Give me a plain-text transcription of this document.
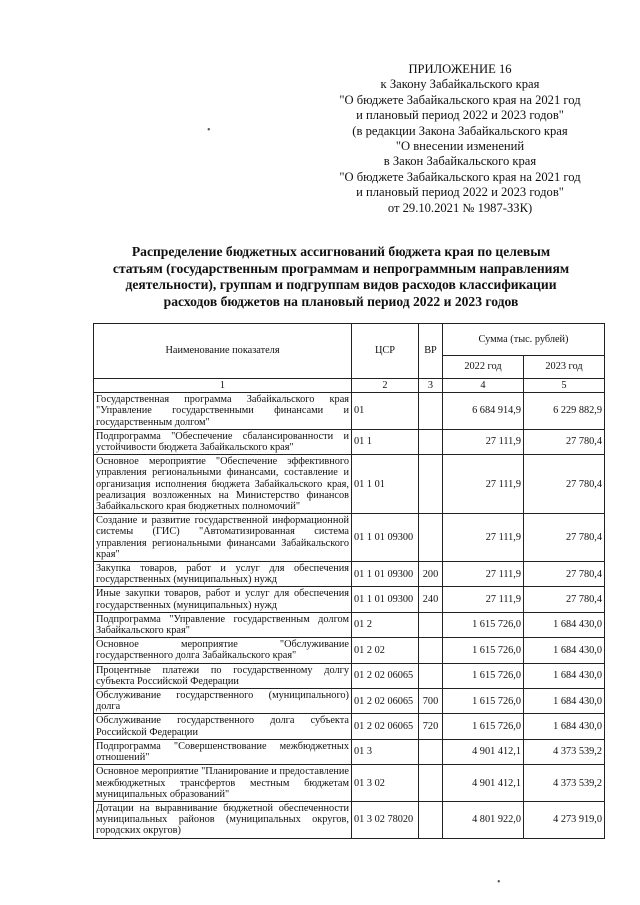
ПРИЛОЖЕНИЕ 16
к Закону Забайкальского края
"О бюджете Забайкальского края на 2021 год
и плановый период 2022 и 2023 годов"
(в редакции Закона Забайкальского края
"О внесении изменений
в Закон Забайкальского края
"О бюджете Забайкальского края на 2021 год
и плановый период 2022 и 2023 годов"
от 29.10.2021 № 1987-ЗЗК)
Распределение бюджетных ассигнований бюджета края по целевым
статьям (государственным программам и непрограммным направлениям
деятельности), группам и подгруппам видов расходов классификации
расходов бюджетов на плановый период 2022 и 2023 годов
Наименование показателя	ЦСР	ВР	Сумма (тыс. рублей)	
			2022 год	2023 год
1	2	3	4	5
Государственная программа Забайкальского края "Управление государственными финансами и государственным долгом"	01		6 684 914,9	6 229 882,9
Подпрограмма "Обеспечение сбалансированности и устойчивости бюджета Забайкальского края"	01 1		27 111,9	27 780,4
Основное мероприятие "Обеспечение эффективного управления региональными финансами, составление и организация исполнения бюджета Забайкальского края, реализация возложенных на Министерство финансов Забайкальского края бюджетных полномочий"	01 1 01		27 111,9	27 780,4
Создание и развитие государственной информационной системы (ГИС) "Автоматизированная система управления региональными финансами Забайкальского края"	01 1 01 09300		27 111,9	27 780,4
Закупка товаров, работ и услуг для обеспечения государственных (муниципальных) нужд	01 1 01 09300	200	27 111,9	27 780,4
Иные закупки товаров, работ и услуг для обеспечения государственных (муниципальных) нужд	01 1 01 09300	240	27 111,9	27 780,4
Подпрограмма "Управление государственным долгом Забайкальского края"	01 2		1 615 726,0	1 684 430,0
Основное мероприятие "Обслуживание государственного долга Забайкальского края"	01 2 02		1 615 726,0	1 684 430,0
Процентные платежи по государственному долгу субъекта Российской Федерации	01 2 02 06065		1 615 726,0	1 684 430,0
Обслуживание государственного (муниципального) долга	01 2 02 06065	700	1 615 726,0	1 684 430,0
Обслуживание государственного долга субъекта Российской Федерации	01 2 02 06065	720	1 615 726,0	1 684 430,0
Подпрограмма "Совершенствование межбюджетных отношений"	01 3		4 901 412,1	4 373 539,2
Основное мероприятие "Планирование и предоставление межбюджетных трансфертов местным бюджетам муниципальных образований"	01 3 02		4 901 412,1	4 373 539,2
Дотации на выравнивание бюджетной обеспеченности муниципальных районов (муниципальных округов, городских округов)	01 3 02 78020		4 801 922,0	4 273 919,0
•
•
